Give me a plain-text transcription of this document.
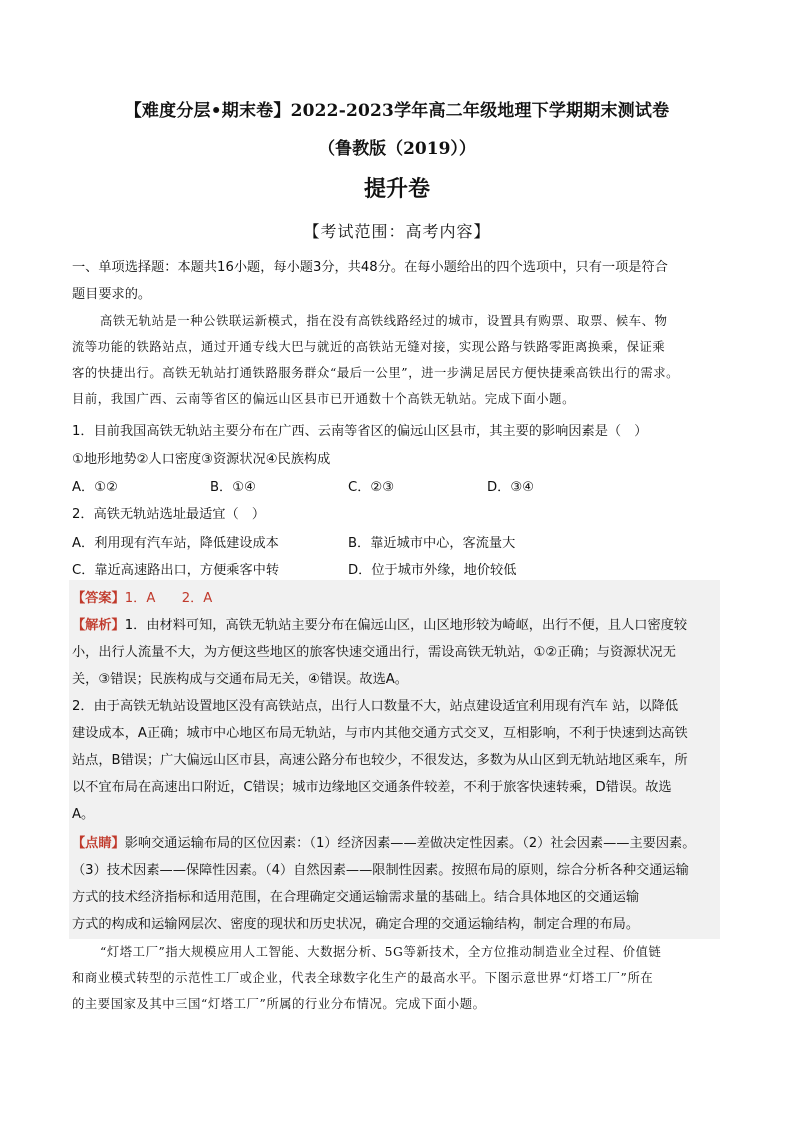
【难度分层•期末卷】2022-2023学年高二年级地理下学期期末测试卷
（鲁教版（2019））
提升卷
【考试范围：高考内容】
一、单项选择题：本题共16小题，每小题3分，共48分。在每小题给出的四个选项中，只有一项是符合
题目要求的。
高铁无轨站是一种公铁联运新模式，指在没有高铁线路经过的城市，设置具有购票、取票、候车、物
流等功能的铁路站点，通过开通专线大巴与就近的高铁站无缝对接，实现公路与铁路零距离换乘，保证乘
客的快捷出行。高铁无轨站打通铁路服务群众“最后一公里”，进一步满足居民方便快捷乘高铁出行的需求。
目前，我国广西、云南等省区的偏远山区县市已开通数十个高铁无轨站。完成下面小题。
1．目前我国高铁无轨站主要分布在广西、云南等省区的偏远山区县市，其主要的影响因素是（　）
①地形地势②人口密度③资源状况④民族构成
A．①②	B．①④	C．②③	D．③④
2．高铁无轨站选址最适宜（　）
A．利用现有汽车站，降低建设成本	B．靠近城市中心，客流量大
C．靠近高速路出口，方便乘客中转	D．位于城市外缘，地价较低
【答案】1．A　　2．A
【解析】1．由材料可知，高铁无轨站主要分布在偏远山区，山区地形较为崎岖，出行不便，且人口密度较
小，出行人流量不大，为方便这些地区的旅客快速交通出行，需设高铁无轨站，①②正确；与资源状况无
关，③错误；民族构成与交通布局无关，④错误。故选A。
2．由于高铁无轨站设置地区没有高铁站点，出行人口数量不大，站点建设适宜利用现有汽车 站，以降低
建设成本，A正确；城市中心地区布局无轨站，与市内其他交通方式交叉，互相影响，不利于快速到达高铁
站点，B错误；广大偏远山区市县，高速公路分布也较少，不很发达，多数为从山区到无轨站地区乘车，所
以不宜布局在高速出口附近，C错误；城市边缘地区交通条件较差，不利于旅客快速转乘，D错误。故选
A。
【点睛】影响交通运输布局的区位因素：（1）经济因素——差做决定性因素。（2）社会因素——主要因素。
（3）技术因素——保障性因素。（4）自然因素——限制性因素。按照布局的原则，综合分析各种交通运输
方式的技术经济指标和适用范围，在合理确定交通运输需求量的基础上。结合具体地区的交通运输
方式的构成和运输网层次、密度的现状和历史状况，确定合理的交通运输结构，制定合理的布局。
“灯塔工厂”指大规模应用人工智能、大数据分析、5G等新技术，全方位推动制造业全过程、价值链
和商业模式转型的示范性工厂或企业，代表全球数字化生产的最高水平。下图示意世界“灯塔工厂”所在
的主要国家及其中三国“灯塔工厂”所属的行业分布情况。完成下面小题。
